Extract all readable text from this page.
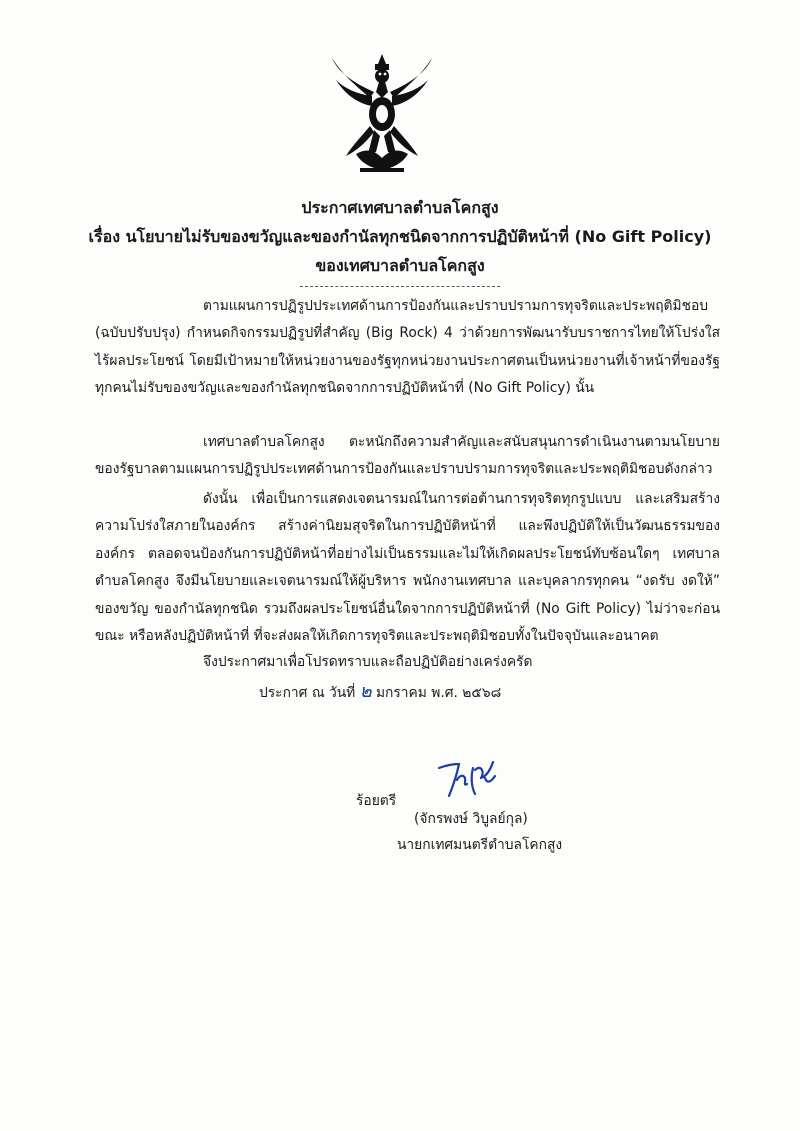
ประกาศเทศบาลตำบลโคกสูง
เรื่อง นโยบายไม่รับของขวัญและของกำนัลทุกชนิดจากการปฏิบัติหน้าที่ (No Gift Policy)
ของเทศบาลตำบลโคกสูง

ตามแผนการปฏิรูปประเทศด้านการป้องกันและปราบปรามการทุจริตและประพฤติมิชอบ (ฉบับปรับปรุง) กำหนดกิจกรรมปฏิรูปที่สำคัญ (Big Rock) 4 ว่าด้วยการพัฒนารับบราชการไทยให้โปร่งใส ไร้ผลประโยชน์ โดยมีเป้าหมายให้หน่วยงานของรัฐทุกหน่วยงานประกาศตนเป็นหน่วยงานที่เจ้าหน้าที่ของรัฐทุกคนไม่รับของขวัญและของกำนัลทุกชนิดจากการปฏิบัติหน้าที่ (No Gift Policy) นั้น

เทศบาลตำบลโคกสูง ตะหนักถึงความสำคัญและสนับสนุนการดำเนินงานตามนโยบายของรัฐบาลตามแผนการปฏิรูปประเทศด้านการป้องกันและปราบปรามการทุจริตและประพฤติมิชอบดังกล่าว

ดังนั้น เพื่อเป็นการแสดงเจตนารมณ์ในการต่อต้านการทุจริตทุกรูปแบบ และเสริมสร้างความโปร่งใสภายในองค์กร สร้างค่านิยมสุจริตในการปฏิบัติหน้าที่ และพึงปฏิบัติให้เป็นวัฒนธรรมขององค์กร ตลอดจนป้องกันการปฏิบัติหน้าที่อย่างไม่เป็นธรรมและไม่ให้เกิดผลประโยชน์ทับซ้อนใดๆ เทศบาลตำบลโคกสูง จึงมีนโยบายและเจตนารมณ์ให้ผู้บริหาร พนักงานเทศบาล และบุคลากรทุกคน “งดรับ งดให้” ของขวัญ ของกำนัลทุกชนิด รวมถึงผลประโยชน์อื่นใดจากการปฏิบัติหน้าที่ (No Gift Policy) ไม่ว่าจะก่อน ขณะ หรือหลังปฏิบัติหน้าที่ ที่จะส่งผลให้เกิดการทุจริตและประพฤติมิชอบทั้งในปัจจุบันและอนาคต

จึงประกาศมาเพื่อโปรดทราบและถือปฏิบัติอย่างเคร่งครัด
ประกาศ ณ วันที่ ๒ มกราคม พ.ศ. ๒๕๖๘
ร้อยตรี
(จักรพงษ์ วิบูลย์กุล)
นายกเทศมนตรีตำบลโคกสูง
